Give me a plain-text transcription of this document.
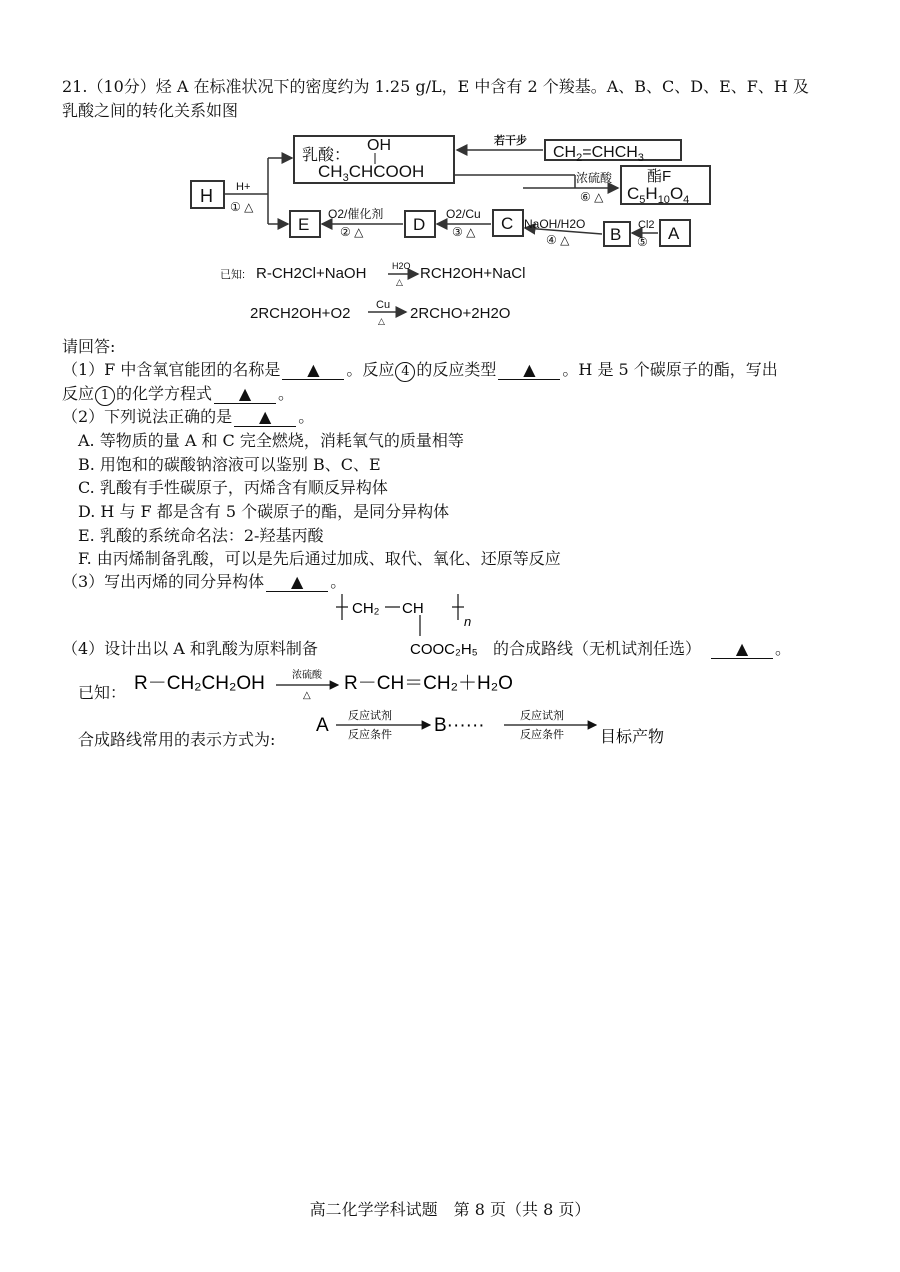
21.（10分）烃 A 在标准状况下的密度约为 1.25 g/L，E 中含有 2 个羧基。A、B、C、D、E、F、H 及
乳酸之间的转化关系如图
乳酸：
OH
$CH_3CHCOOH$
若干步
$CH_2=CHCH_3$
酯F
$C_5H_{10}O_4$
浓硫酸
⑥ △
H H+
① △
E
O2/催化剂
② △	D
O2/Cu
③ △ C NaOH/H2O
④ △ B Cl2
⑤ A
已知: R-CH2Cl+NaOH	H2O
△ RCH2OH+NaCl
2RCH2OH+O2 Cu
△ 2RCHO+2H2O
请回答:
（1）F 中含氧官能团的名称是 ▲ 。反应 4 的反应类型 ▲ 。H 是 5 个碳原子的酯，写出
反应 1 的化学方程式 ▲ 。
（2）下列说法正确的是 ▲ 。
A. 等物质的量 A 和 C 完全燃烧，消耗氧气的质量相等
B. 用饱和的碳酸钠溶液可以鉴别 B、C、E
C. 乳酸有手性碳原子，丙烯含有顺反异构体
D. H 与 F 都是含有 5 个碳原子的酯，是同分异构体
E. 乳酸的系统命名法：2-羟基丙酸
F. 由丙烯制备乳酸，可以是先后通过加成、取代、氧化、还原等反应
（3）写出丙烯的同分异构体 ▲ 。
CH₂ CH
n
COOC₂H₅
（4）设计出以 A 和乳酸为原料制备	的合成路线（无机试剂任选） ▲ 。
已知： R－CH₂CH₂OH	浓硫酸
△
R－CH＝CH₂＋H₂O
合成路线常用的表示方式为:
A 反应试剂
反应条件 B······	反应试剂
反应条件 目标产物
高二化学学科试题　第 8 页（共 8 页）
